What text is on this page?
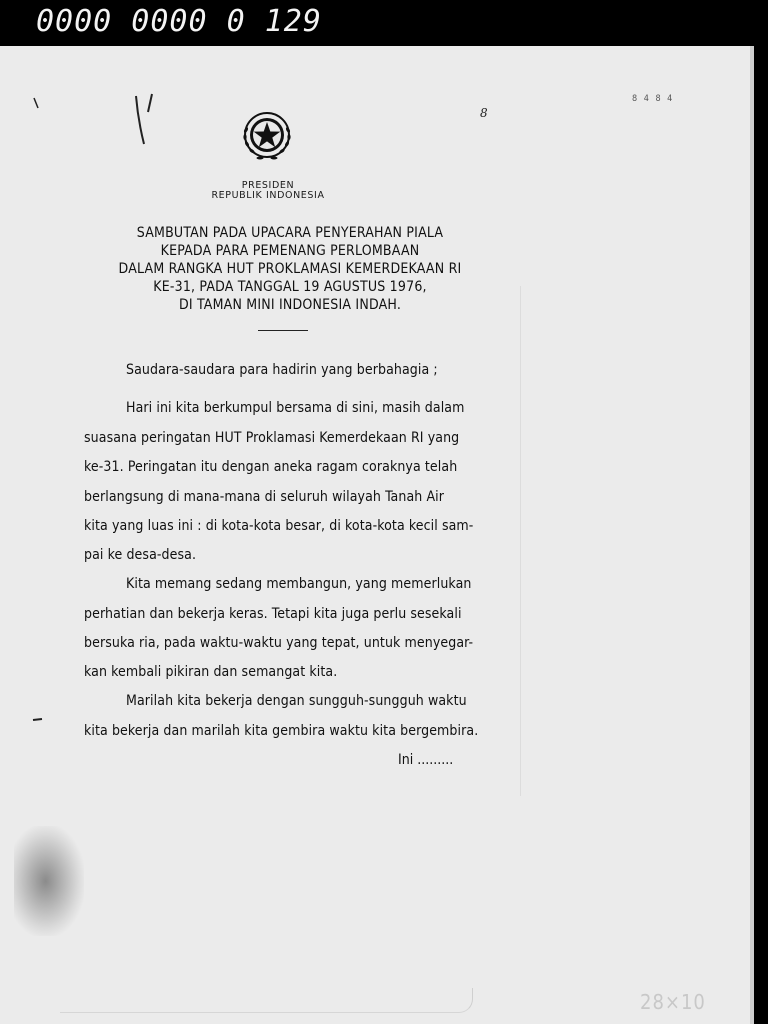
0000 0000 0 129
8
8 4 8 4
PRESIDEN
REPUBLIK INDONESIA
SAMBUTAN PADA UPACARA PENYERAHAN PIALA
KEPADA PARA PEMENANG PERLOMBAAN
DALAM RANGKA HUT PROKLAMASI KEMERDEKAAN RI
KE-31, PADA TANGGAL 19 AGUSTUS 1976,
DI TAMAN MINI INDONESIA INDAH.
Saudara-saudara para hadirin yang berbahagia ;
Hari ini kita berkumpul bersama di sini, masih dalam
suasana peringatan HUT Proklamasi Kemerdekaan RI yang
ke-31. Peringatan itu dengan aneka ragam coraknya telah
berlangsung di mana-mana di seluruh wilayah Tanah Air
kita yang luas ini : di kota-kota besar, di kota-kota kecil sam-
pai ke desa-desa.
Kita memang sedang membangun, yang memerlukan
perhatian dan bekerja keras. Tetapi kita juga perlu sesekali
bersuka ria, pada waktu-waktu yang tepat, untuk menyegar-
kan kembali pikiran dan semangat kita.
Marilah kita bekerja dengan sungguh-sungguh waktu
kita bekerja dan marilah kita gembira waktu kita bergembira.
Ini .........
28×10
